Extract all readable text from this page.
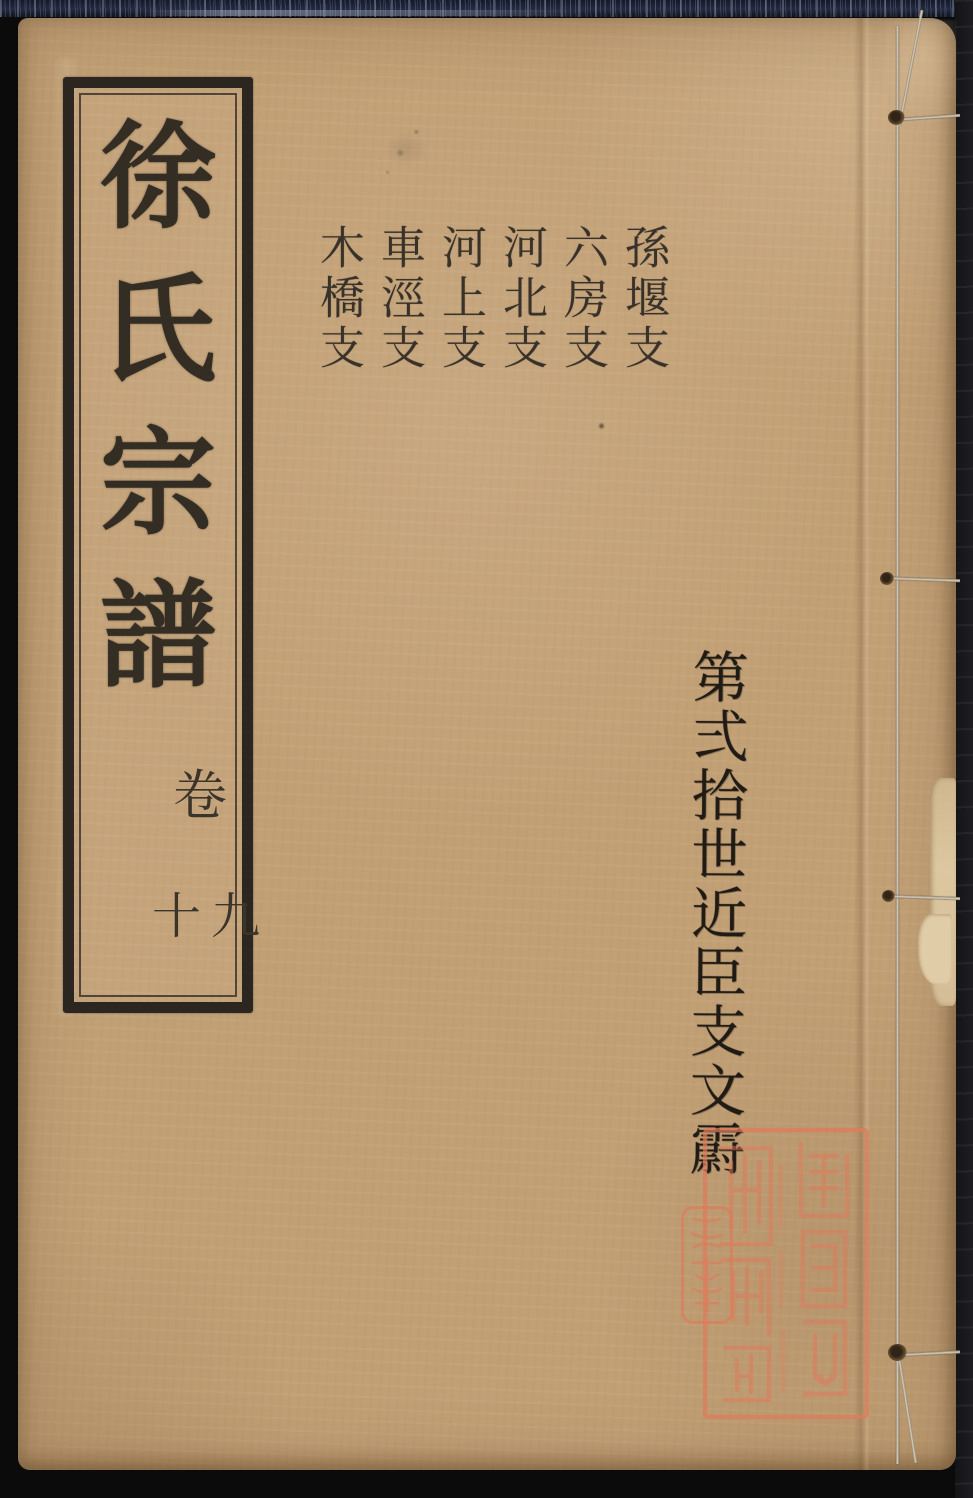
徐
氏
宗
譜
卷
十九
孫堰支
六房支
河北支
河上支
車涇支
木橋支
第弍拾世近臣支文霨
